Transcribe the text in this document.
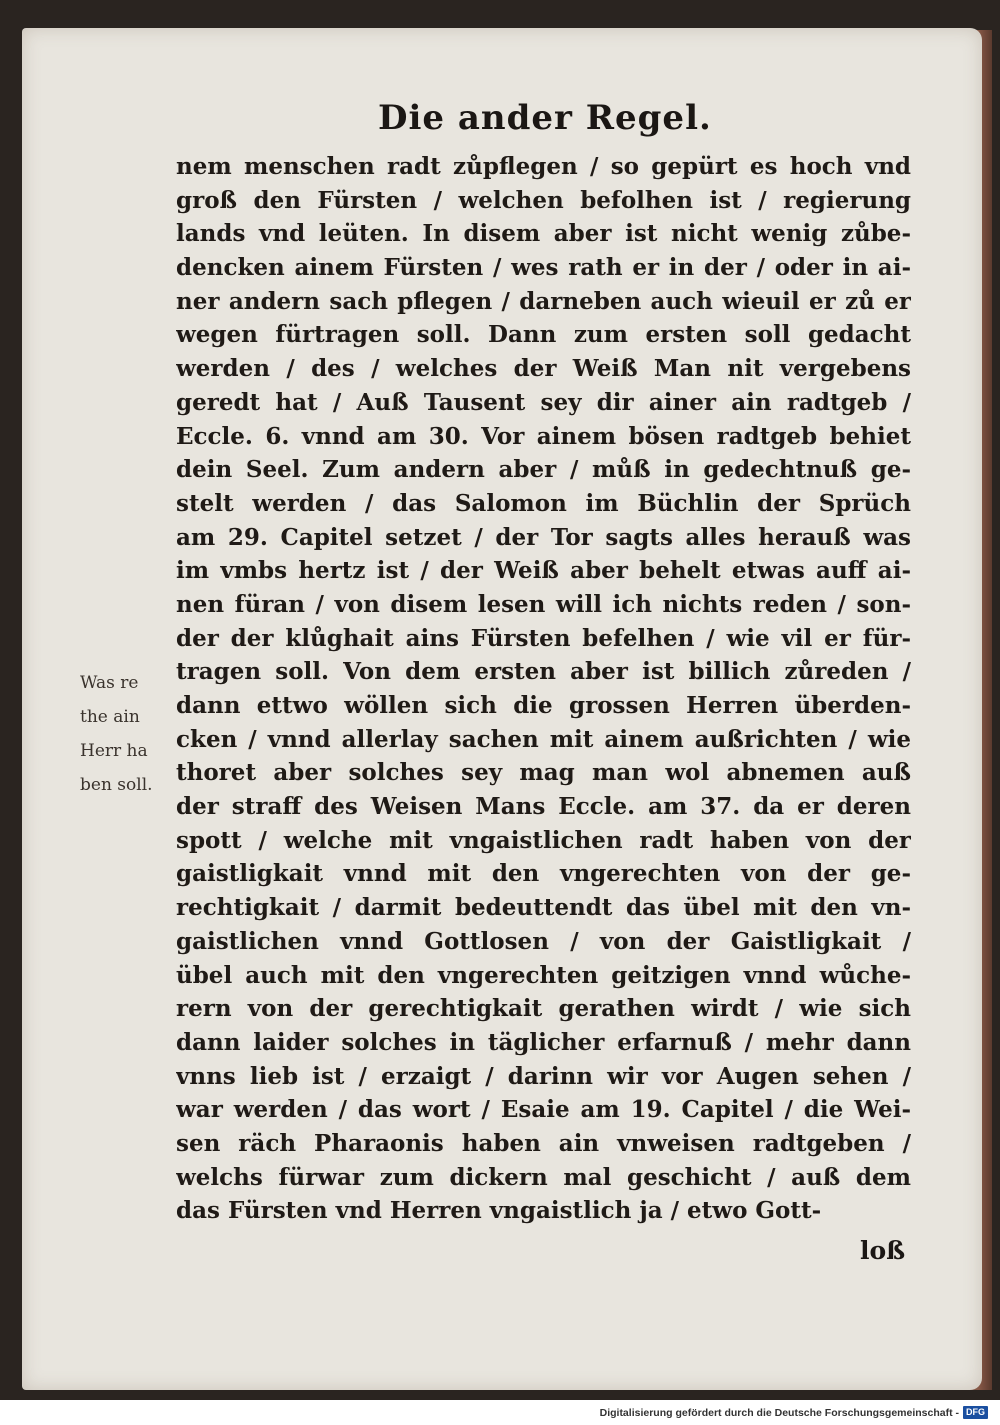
Die ander Regel.
Was re
the ain
Herr ha
ben soll.
nem menschen radt zůpflegen / so gepürt es hoch vnd
groß den Fürsten / welchen befolhen ist / regierung
lands vnd leüten. In disem aber ist nicht wenig zůbe-
dencken ainem Fürsten / wes rath er in der / oder in ai-
ner andern sach pflegen / darneben auch wieuil er zů er
wegen fürtragen soll. Dann zum ersten soll gedacht
werden / des / welches der Weiß Man nit vergebens
geredt hat / Auß Tausent sey dir ainer ain radtgeb /
Eccle. 6. vnnd am 30. Vor ainem bösen radtgeb behiet
dein Seel. Zum andern aber / můß in gedechtnuß ge-
stelt werden / das Salomon im Büchlin der Sprüch
am 29. Capitel setzet / der Tor sagts alles herauß was
im vmbs hertz ist / der Weiß aber behelt etwas auff ai-
nen füran / von disem lesen will ich nichts reden / son-
der der klůghait ains Fürsten befelhen / wie vil er für-
tragen soll. Von dem ersten aber ist billich zůreden /
dann ettwo wöllen sich die grossen Herren überden-
cken / vnnd allerlay sachen mit ainem außrichten / wie
thoret aber solches sey mag man wol abnemen auß
der straff des Weisen Mans Eccle. am 37. da er deren
spott / welche mit vngaistlichen radt haben von der
gaistligkait vnnd mit den vngerechten von der ge-
rechtigkait / darmit bedeuttendt das übel mit den vn-
gaistlichen vnnd Gottlosen / von der Gaistligkait /
übel auch mit den vngerechten geitzigen vnnd wůche-
rern von der gerechtigkait gerathen wirdt / wie sich
dann laider solches in täglicher erfarnuß / mehr dann
vnns lieb ist / erzaigt / darinn wir vor Augen sehen /
war werden / das wort / Esaie am 19. Capitel / die Wei-
sen räch Pharaonis haben ain vnweisen radtgeben /
welchs fürwar zum dickern mal geschicht / auß dem
das Fürsten vnd Herren vngaistlich ja / etwo Gott-
loß
Digitalisierung gefördert durch die Deutsche Forschungsgemeinschaft - DFG
